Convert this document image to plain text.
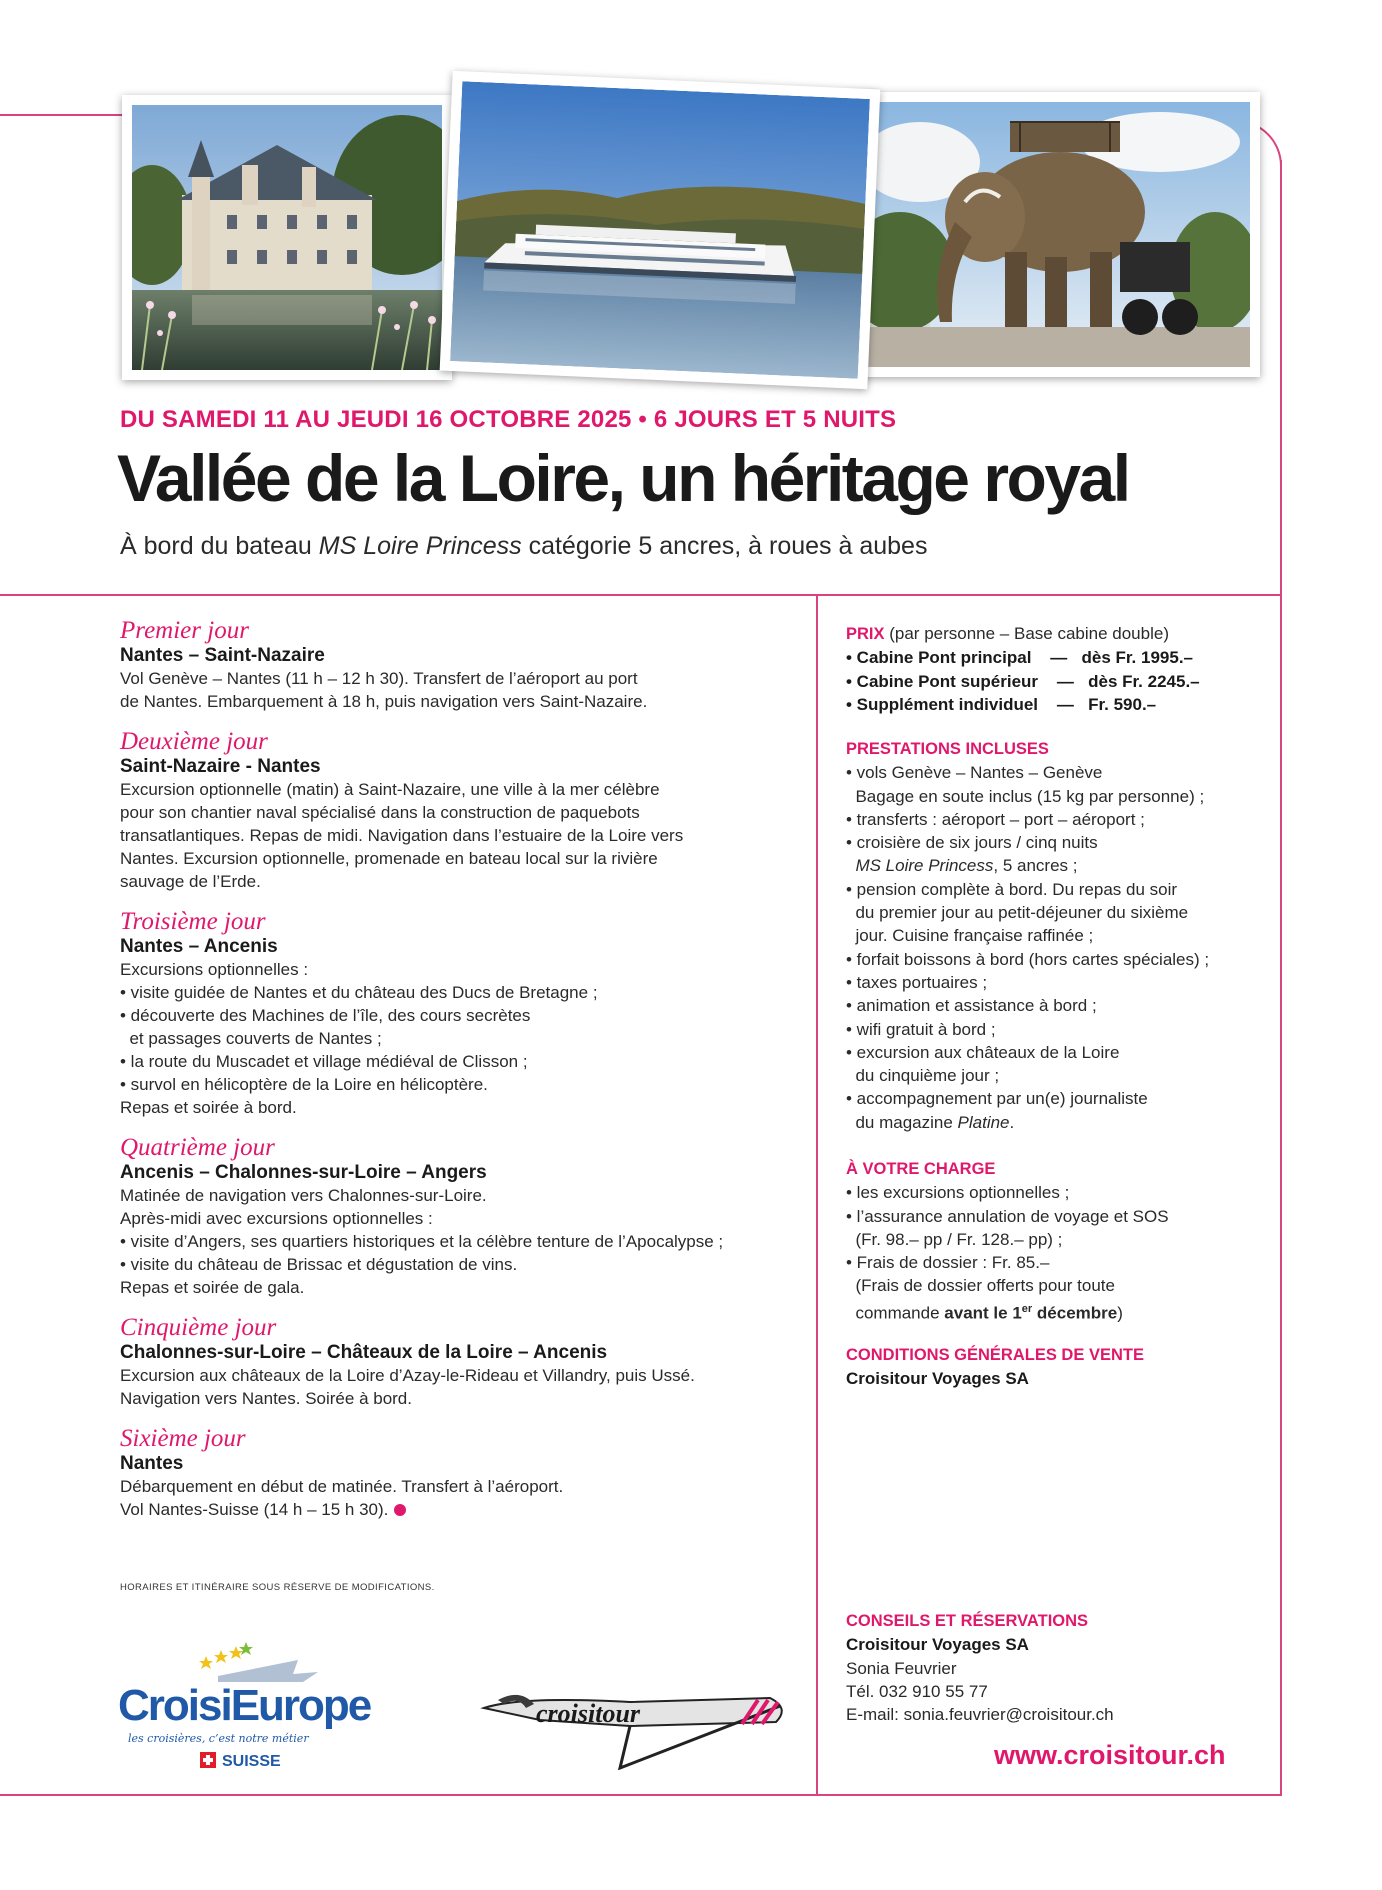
DU SAMEDI 11 AU JEUDI 16 OCTOBRE 2025 • 6 JOURS ET 5 NUITS
Vallée de la Loire, un héritage royal
À bord du bateau MS Loire Princess catégorie 5 ancres, à roues à aubes
Premier jour
Nantes – Saint-Nazaire
Vol Genève – Nantes (11 h – 12 h 30). Transfert de l’aéroport au port
de Nantes. Embarquement à 18 h, puis navigation vers Saint-Nazaire.
Deuxième jour
Saint-Nazaire - Nantes
Excursion optionnelle (matin) à Saint-Nazaire, une ville à la mer célèbre
pour son chantier naval spécialisé dans la construction de paquebots
transatlantiques. Repas de midi. Navigation dans l’estuaire de la Loire vers
Nantes. Excursion optionnelle, promenade en bateau local sur la rivière
sauvage de l’Erde.
Troisième jour
Nantes – Ancenis
Excursions optionnelles :
• visite guidée de Nantes et du château des Ducs de Bretagne ;
• découverte des Machines de l’île, des cours secrètes
et passages couverts de Nantes ;
• la route du Muscadet et village médiéval de Clisson ;
• survol en hélicoptère de la Loire en hélicoptère.
Repas et soirée à bord.
Quatrième jour
Ancenis – Chalonnes-sur-Loire – Angers
Matinée de navigation vers Chalonnes-sur-Loire.
Après-midi avec excursions optionnelles :
• visite d’Angers, ses quartiers historiques et la célèbre tenture de l’Apocalypse ;
• visite du château de Brissac et dégustation de vins.
Repas et soirée de gala.
Cinquième jour
Chalonnes-sur-Loire – Châteaux de la Loire – Ancenis
Excursion aux châteaux de la Loire d’Azay-le-Rideau et Villandry, puis Ussé.
Navigation vers Nantes. Soirée à bord.
Sixième jour
Nantes
Débarquement en début de matinée. Transfert à l’aéroport.
Vol Nantes-Suisse (14 h – 15 h 30).
HORAIRES ET ITINÉRAIRE SOUS RÉSERVE DE MODIFICATIONS.
PRIX (par personne – Base cabine double)
• Cabine Pont principal    —   dès Fr. 1995.–
• Cabine Pont supérieur    —   dès Fr. 2245.–
• Supplément individuel    —   Fr. 590.–
PRESTATIONS INCLUSES
• vols Genève – Nantes – Genève
Bagage en soute inclus (15 kg par personne) ;
• transferts : aéroport – port – aéroport ;
• croisière de six jours / cinq nuits
MS Loire Princess, 5 ancres ;
• pension complète à bord. Du repas du soir
du premier jour au petit-déjeuner du sixième
jour. Cuisine française raffinée ;
• forfait boissons à bord (hors cartes spéciales) ;
• taxes portuaires ;
• animation et assistance à bord ;
• wifi gratuit à bord ;
• excursion aux châteaux de la Loire
du cinquième jour ;
• accompagnement par un(e) journaliste
du magazine Platine.
À VOTRE CHARGE
• les excursions optionnelles ;
• l’assurance annulation de voyage et SOS
(Fr. 98.– pp / Fr. 128.– pp) ;
• Frais de dossier : Fr. 85.–
(Frais de dossier offerts pour toute
commande avant le 1er décembre)
CONDITIONS GÉNÉRALES DE VENTE
Croisitour Voyages SA
CONSEILS ET RÉSERVATIONS
Croisitour Voyages SA
Sonia Feuvrier
Tél. 032 910 55 77
E-mail: sonia.feuvrier@croisitour.ch
www.croisitour.ch
CroisiEurope
les croisières, c’est notre métier
SUISSE
croisitour
